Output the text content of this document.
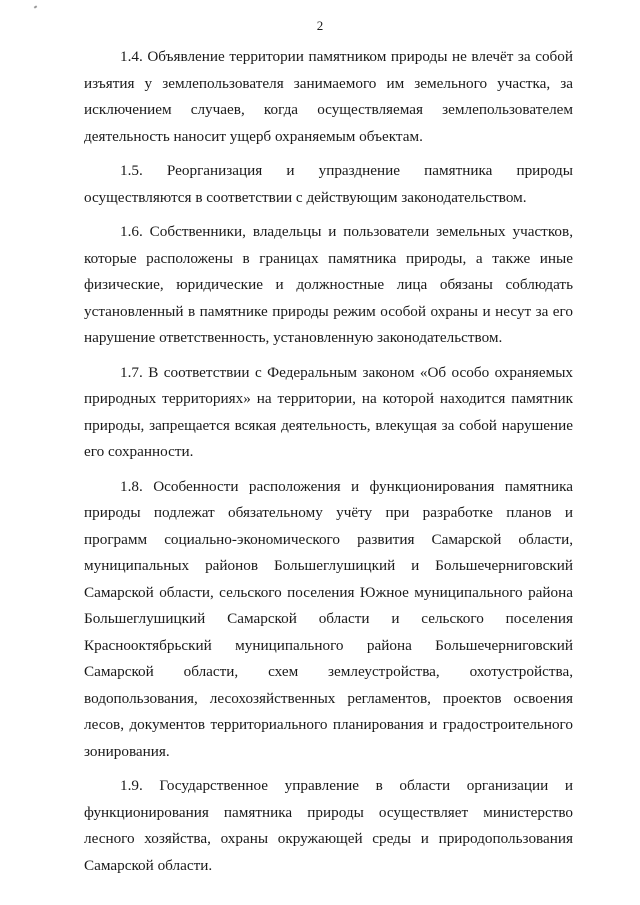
2

1.4. Объявление территории памятником природы не влечёт за собой изъятия у землепользователя занимаемого им земельного участка, за исключением случаев, когда осуществляемая землепользователем деятельность наносит ущерб охраняемым объектам.

1.5. Реорганизация и упразднение памятника природы осуществляются в соответствии с действующим законодательством.

1.6. Собственники, владельцы и пользователи земельных участков, которые расположены в границах памятника природы, а также иные физические, юридические и должностные лица обязаны соблюдать установленный в памятнике природы режим особой охраны и несут за его нарушение ответственность, установленную законодательством.

1.7. В соответствии с Федеральным законом «Об особо охраняемых природных территориях» на территории, на которой находится памятник природы, запрещается всякая деятельность, влекущая за собой нарушение его сохранности.

1.8. Особенности расположения и функционирования памятника природы подлежат обязательному учёту при разработке планов и программ социально-экономического развития Самарской области, муниципальных районов Большеглушицкий и Большечерниговский Самарской области, сельского поселения Южное муниципального района Большеглушицкий Самарской области и сельского поселения Краснооктябрьский муниципального района Большечерниговский Самарской области, схем землеустройства, охотустройства, водопользования, лесохозяйственных регламентов, проектов освоения лесов, документов территориального планирования и градостроительного зонирования.

1.9. Государственное управление в области организации и функционирования памятника природы осуществляет министерство лесного хозяйства, охраны окружающей среды и природопользования Самарской области.
